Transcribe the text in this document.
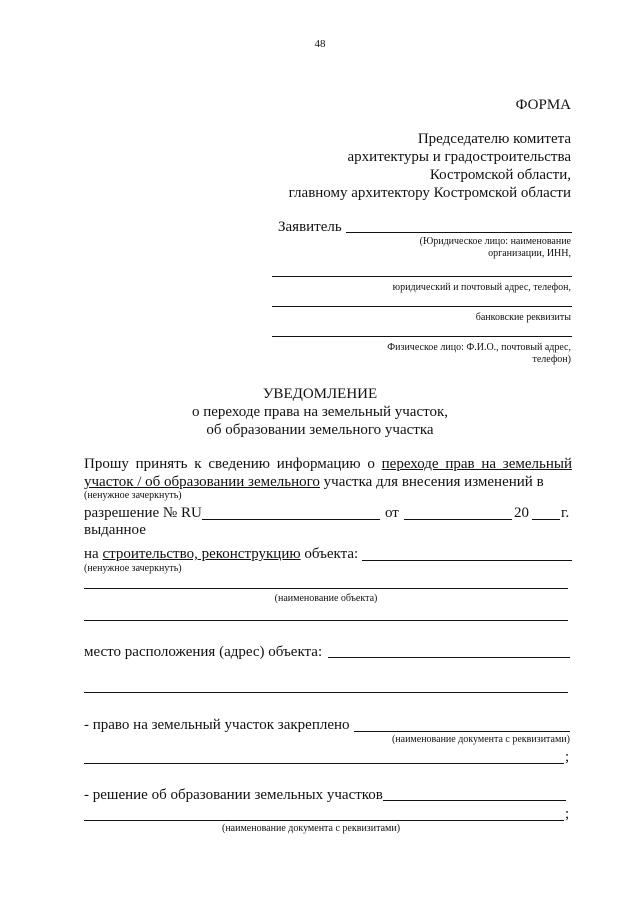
48
ФОРМА
Председателю комитета
архитектуры и градостроительства
Костромской области,
главному архитектору Костромской области
Заявитель
(Юридическое лицо: наименование
организации, ИНН,
юридический и почтовый адрес, телефон,
банковские реквизиты
Физическое лицо: Ф.И.О., почтовый адрес,
телефон)
УВЕДОМЛЕНИЕ
о переходе права на земельный участок,
об образовании земельного участка
Прошу принять к сведению информацию о переходе прав на земельный
участок / об образовании земельного участка для внесения изменений в
(ненужное зачеркнуть)
разрешение № RU	от	20 г.
выданное
на строительство, реконструкцию объекта:
(ненужное зачеркнуть)
(наименование объекта)
место расположения (адрес) объекта:
- право на земельный участок закреплено
(наименование документа с реквизитами)
;
- решение об образовании земельных участков
;
(наименование документа с реквизитами)
